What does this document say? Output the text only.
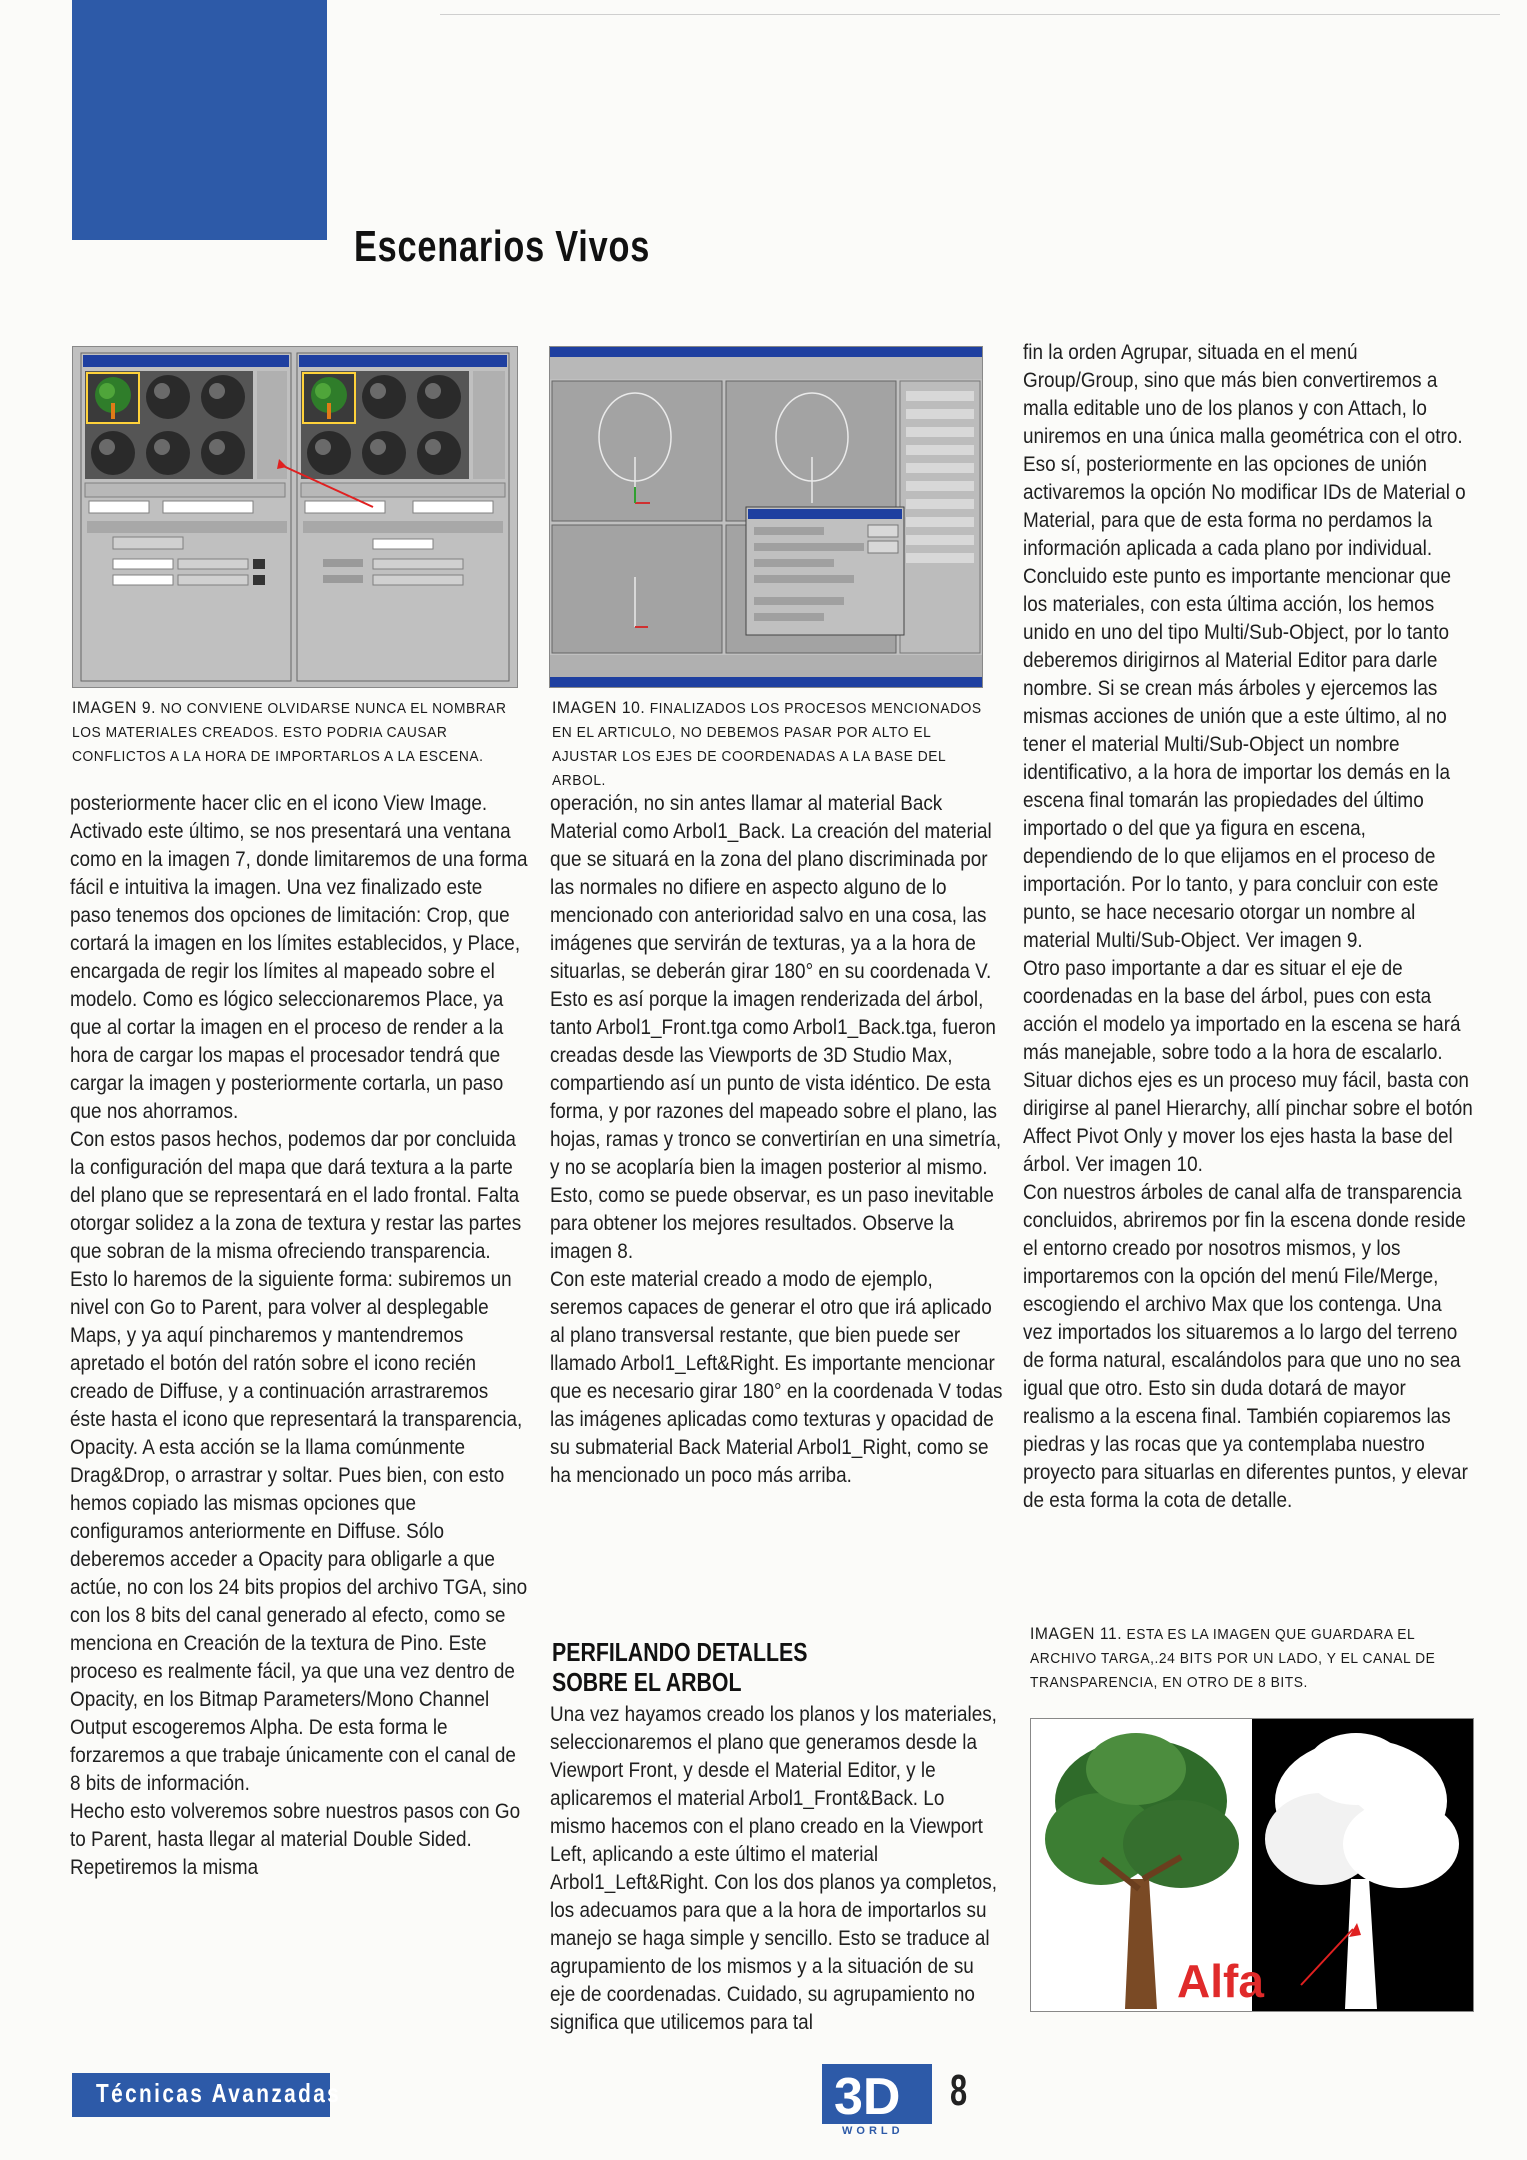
Escenarios Vivos
IMAGEN 9. NO CONVIENE OLVIDARSE NUNCA EL NOMBRAR LOS MATERIALES CREADOS. ESTO PODRIA CAUSAR CONFLICTOS A LA HORA DE IMPORTARLOS A LA ESCENA.
IMAGEN 10. FINALIZADOS LOS PROCESOS MENCIONADOS EN EL ARTICULO, NO DEBEMOS PASAR POR ALTO EL AJUSTAR LOS EJES DE COORDENADAS A LA BASE DEL ARBOL.

posteriormente hacer clic en el icono View Image. Activado este último, se nos presentará una ventana como en la imagen 7, donde limitaremos de una forma fácil e intuitiva la imagen. Una vez finalizado este paso tenemos dos opciones de limitación: Crop, que cortará la imagen en los límites establecidos, y Place, encargada de regir los límites al mapeado sobre el modelo. Como es lógico seleccionaremos Place, ya que al cortar la imagen en el proceso de render a la hora de cargar los mapas el procesador tendrá que cargar la imagen y posteriormente cortarla, un paso que nos ahorramos.

Con estos pasos hechos, podemos dar por concluida la configuración del mapa que dará textura a la parte del plano que se representará en el lado frontal. Falta otorgar solidez a la zona de textura y restar las partes que sobran de la misma ofreciendo transparencia. Esto lo haremos de la siguiente forma: subiremos un nivel con Go to Parent, para volver al desplegable Maps, y ya aquí pincharemos y mantendremos apretado el botón del ratón sobre el icono recién creado de Diffuse, y a continuación arrastraremos éste hasta el icono que representará la transparencia, Opacity. A esta acción se la llama comúnmente Drag&Drop, o arrastrar y soltar. Pues bien, con esto hemos copiado las mismas opciones que configuramos anteriormente en Diffuse. Sólo deberemos acceder a Opacity para obligarle a que actúe, no con los 24 bits propios del archivo TGA, sino con los 8 bits del canal generado al efecto, como se menciona en Creación de la textura de Pino. Este proceso es realmente fácil, ya que una vez dentro de Opacity, en los Bitmap Parameters/Mono Channel Output escogeremos Alpha. De esta forma le forzaremos a que trabaje únicamente con el canal de 8 bits de información.

Hecho esto volveremos sobre nuestros pasos con Go to Parent, hasta llegar al material Double Sided. Repetiremos la misma

operación, no sin antes llamar al material Back Material como Arbol1_Back. La creación del material que se situará en la zona del plano discriminada por las normales no difiere en aspecto alguno de lo mencionado con anterioridad salvo en una cosa, las imágenes que servirán de texturas, ya a la hora de situarlas, se deberán girar 180° en su coordenada V. Esto es así porque la imagen renderizada del árbol, tanto Arbol1_Front.tga como Arbol1_Back.tga, fueron creadas desde las Viewports de 3D Studio Max, compartiendo así un punto de vista idéntico. De esta forma, y por razones del mapeado sobre el plano, las hojas, ramas y tronco se convertirían en una simetría, y no se acoplaría bien la imagen posterior al mismo. Esto, como se puede observar, es un paso inevitable para obtener los mejores resultados. Observe la imagen 8.

Con este material creado a modo de ejemplo, seremos capaces de generar el otro que irá aplicado al plano transversal restante, que bien puede ser llamado Arbol1_Left&Right. Es importante mencionar que es necesario girar 180° en la coordenada V todas las imágenes aplicadas como texturas y opacidad de su submaterial Back Material Arbol1_Right, como se ha mencionado un poco más arriba.

PERFILANDO DETALLES
SOBRE EL ARBOL

Una vez hayamos creado los planos y los materiales, seleccionaremos el plano que generamos desde la Viewport Front, y desde el Material Editor, y le aplicaremos el material Arbol1_Front&Back. Lo mismo hacemos con el plano creado en la Viewport Left, aplicando a este último el material Arbol1_Left&Right. Con los dos planos ya completos, los adecuamos para que a la hora de importarlos su manejo se haga simple y sencillo. Esto se traduce al agrupamiento de los mismos y a la situación de su eje de coordenadas. Cuidado, su agrupamiento no significa que utilicemos para tal

fin la orden Agrupar, situada en el menú Group/Group, sino que más bien convertiremos a malla editable uno de los planos y con Attach, lo uniremos en una única malla geométrica con el otro. Eso sí, posteriormente en las opciones de unión activaremos la opción No modificar IDs de Material o Material, para que de esta forma no perdamos la información aplicada a cada plano por individual. Concluido este punto es importante mencionar que los materiales, con esta última acción, los hemos unido en uno del tipo Multi/Sub-Object, por lo tanto deberemos dirigirnos al Material Editor para darle nombre. Si se crean más árboles y ejercemos las mismas acciones de unión que a este último, al no tener el material Multi/Sub-Object un nombre identificativo, a la hora de importar los demás en la escena final tomarán las propiedades del último importado o del que ya figura en escena, dependiendo de lo que elijamos en el proceso de importación. Por lo tanto, y para concluir con este punto, se hace necesario otorgar un nombre al material Multi/Sub-Object. Ver imagen 9.

Otro paso importante a dar es situar el eje de coordenadas en la base del árbol, pues con esta acción el modelo ya importado en la escena se hará más manejable, sobre todo a la hora de escalarlo. Situar dichos ejes es un proceso muy fácil, basta con dirigirse al panel Hierarchy, allí pinchar sobre el botón Affect Pivot Only y mover los ejes hasta la base del árbol. Ver imagen 10.

Con nuestros árboles de canal alfa de transparencia concluidos, abriremos por fin la escena donde reside el entorno creado por nosotros mismos, y los importaremos con la opción del menú File/Merge, escogiendo el archivo Max que los contenga. Una vez importados los situaremos a lo largo del terreno de forma natural, escalándolos para que uno no sea igual que otro. Esto sin duda dotará de mayor realismo a la escena final. También copiaremos las piedras y las rocas que ya contemplaba nuestro proyecto para situarlas en diferentes puntos, y elevar de esta forma la cota de detalle.

IMAGEN 11. ESTA ES LA IMAGEN QUE GUARDARA EL ARCHIVO TARGA,.24 BITS POR UN LADO, Y EL CANAL DE TRANSPARENCIA, EN OTRO DE 8 BITS.
Alfa
Técnicas Avanzadas	3D
WORLD
8
